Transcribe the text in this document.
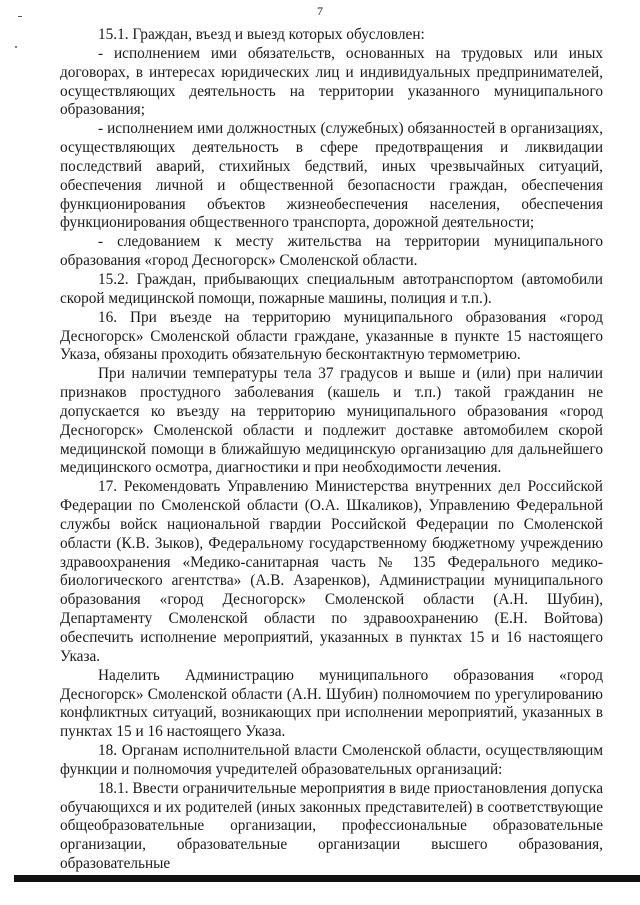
7

15.1. Граждан, въезд и выезд которых обусловлен:

- исполнением ими обязательств, основанных на трудовых или иных договорах, в интересах юридических лиц и индивидуальных предпринимателей, осуществляющих деятельность на территории указанного муниципального образования;

- исполнением ими должностных (служебных) обязанностей в организациях, осуществляющих деятельность в сфере предотвращения и ликвидации последствий аварий, стихийных бедствий, иных чрезвычайных ситуаций, обеспечения личной и общественной безопасности граждан, обеспечения функционирования объектов жизнеобеспечения населения, обеспечения функционирования общественного транспорта, дорожной деятельности;

- следованием к месту жительства на территории муниципального образования «город Десногорск» Смоленской области.

15.2. Граждан, прибывающих специальным автотранспортом (автомобили скорой медицинской помощи, пожарные машины, полиция и т.п.).

16. При въезде на территорию муниципального образования «город Десногорск» Смоленской области граждане, указанные в пункте 15 настоящего Указа, обязаны проходить обязательную бесконтактную термометрию.

При наличии температуры тела 37 градусов и выше и (или) при наличии признаков простудного заболевания (кашель и т.п.) такой гражданин не допускается ко въезду на территорию муниципального образования «город Десногорск» Смоленской области и подлежит доставке автомобилем скорой медицинской помощи в ближайшую медицинскую организацию для дальнейшего медицинского осмотра, диагностики и при необходимости лечения.

17. Рекомендовать Управлению Министерства внутренних дел Российской Федерации по Смоленской области (О.А. Шкаликов), Управлению Федеральной службы войск национальной гвардии Российской Федерации по Смоленской области (К.В. Зыков), Федеральному государственному бюджетному учреждению здравоохранения «Медико-санитарная часть № 135 Федерального медико-биологического агентства» (А.В. Азаренков), Администрации муниципального образования «город Десногорск» Смоленской области (А.Н. Шубин), Департаменту Смоленской области по здравоохранению (Е.Н. Войтова) обеспечить исполнение мероприятий, указанных в пунктах 15 и 16 настоящего Указа.

Наделить Администрацию муниципального образования «город Десногорск» Смоленской области (А.Н. Шубин) полномочием по урегулированию конфликтных ситуаций, возникающих при исполнении мероприятий, указанных в пунктах 15 и 16 настоящего Указа.

18. Органам исполнительной власти Смоленской области, осуществляющим функции и полномочия учредителей образовательных организаций:

18.1. Ввести ограничительные мероприятия в виде приостановления допуска обучающихся и их родителей (иных законных представителей) в соответствующие общеобразовательные организации, профессиональные образовательные организации, образовательные организации высшего образования, образовательные
